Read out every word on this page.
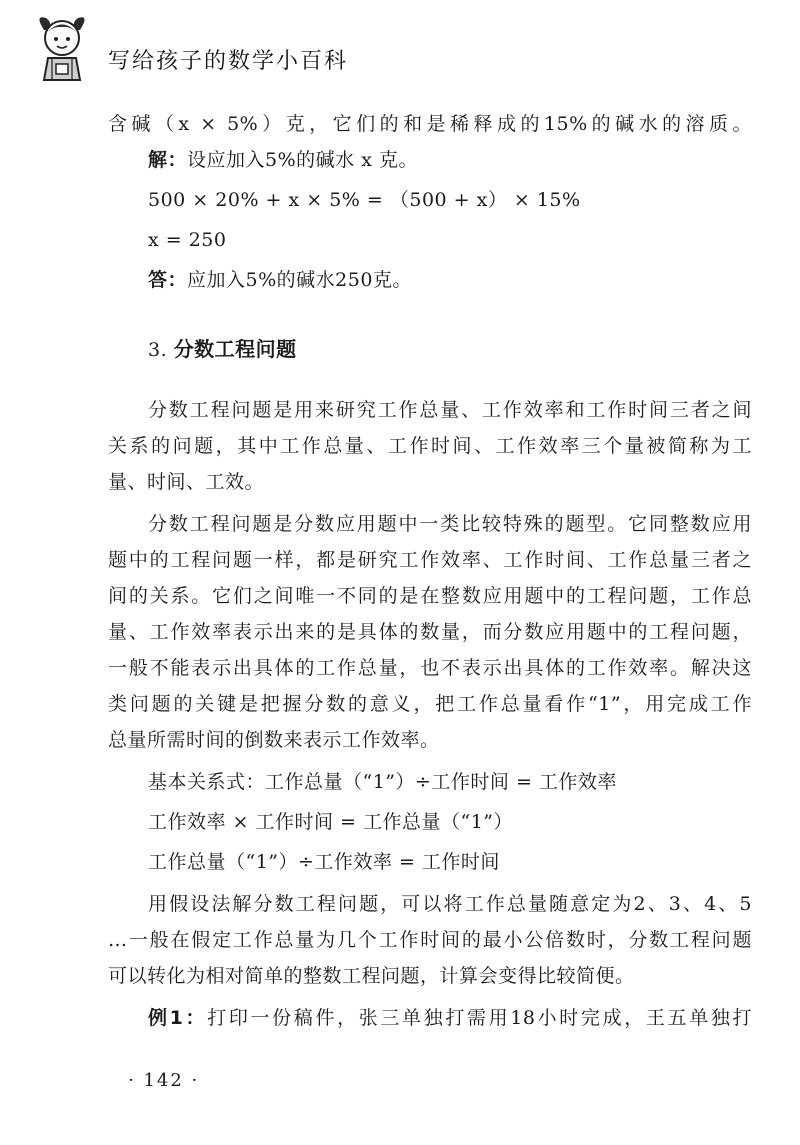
写给孩子的数学小百科
含碱（x × 5%）克，它们的和是稀释成的15%的碱水的溶质。
解：设应加入5%的碱水 x 克。
500 × 20% + x × 5% = （500 + x） × 15%
x = 250
答：应加入5%的碱水250克。
3. 分数工程问题
分数工程问题是用来研究工作总量、工作效率和工作时间三者之间
关系的问题，其中工作总量、工作时间、工作效率三个量被简称为工
量、时间、工效。
分数工程问题是分数应用题中一类比较特殊的题型。它同整数应用
题中的工程问题一样，都是研究工作效率、工作时间、工作总量三者之
间的关系。它们之间唯一不同的是在整数应用题中的工程问题，工作总
量、工作效率表示出来的是具体的数量，而分数应用题中的工程问题，
一般不能表示出具体的工作总量，也不表示出具体的工作效率。解决这
类问题的关键是把握分数的意义，把工作总量看作“1”，用完成工作
总量所需时间的倒数来表示工作效率。
基本关系式：工作总量（“1”）÷工作时间 = 工作效率
工作效率 × 工作时间 = 工作总量（“1”）
工作总量（“1”）÷工作效率 = 工作时间
用假设法解分数工程问题，可以将工作总量随意定为2、3、4、5
…一般在假定工作总量为几个工作时间的最小公倍数时，分数工程问题
可以转化为相对简单的整数工程问题，计算会变得比较简便。
例1：打印一份稿件，张三单独打需用18小时完成，王五单独打
· 142 ·
